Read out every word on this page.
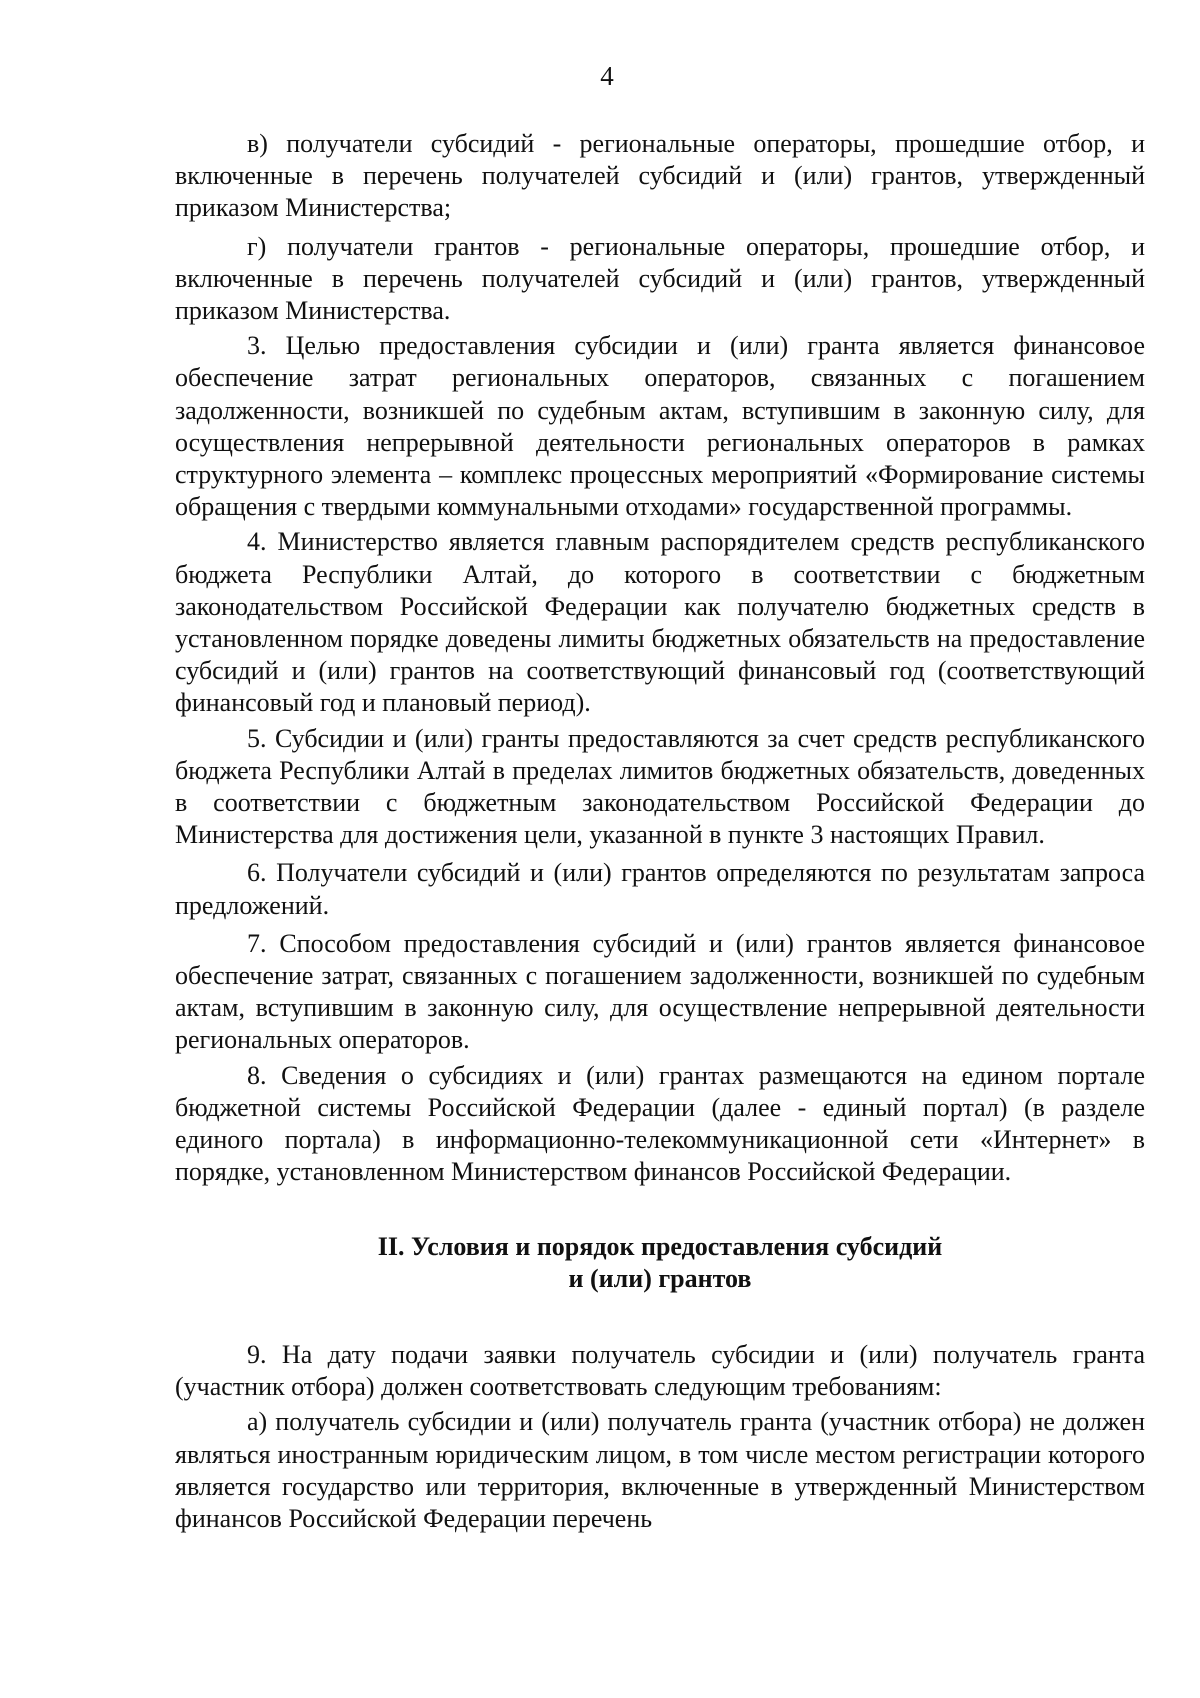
4

в) получатели субсидий - региональные операторы, прошедшие отбор, и включенные в перечень получателей субсидий и (или) грантов, утвержденный приказом Министерства;

г) получатели грантов - региональные операторы, прошедшие отбор, и включенные в перечень получателей субсидий и (или) грантов, утвержденный приказом Министерства.

3. Целью предоставления субсидии и (или) гранта является финансовое обеспечение затрат региональных операторов, связанных с погашением задолженности, возникшей по судебным актам, вступившим в законную силу, для осуществления непрерывной деятельности региональных операторов в рамках структурного элемента – комплекс процессных мероприятий «Формирование системы обращения с твердыми коммунальными отходами» государственной программы.

4. Министерство является главным распорядителем средств республиканского бюджета Республики Алтай, до которого в соответствии с бюджетным законодательством Российской Федерации как получателю бюджетных средств в установленном порядке доведены лимиты бюджетных обязательств на предоставление субсидий и (или) грантов на соответствующий финансовый год (соответствующий финансовый год и плановый период).

5. Субсидии и (или) гранты предоставляются за счет средств республиканского бюджета Республики Алтай в пределах лимитов бюджетных обязательств, доведенных в соответствии с бюджетным законодательством Российской Федерации до Министерства для достижения цели, указанной в пункте 3 настоящих Правил.

6. Получатели субсидий и (или) грантов определяются по результатам запроса предложений.

7. Способом предоставления субсидий и (или) грантов является финансовое обеспечение затрат, связанных с погашением задолженности, возникшей по судебным актам, вступившим в законную силу, для осуществление непрерывной деятельности региональных операторов.

8. Сведения о субсидиях и (или) грантах размещаются на едином портале бюджетной системы Российской Федерации (далее - единый портал) (в разделе единого портала) в информационно-телекоммуникационной сети «Интернет» в порядке, установленном Министерством финансов Российской Федерации.

II. Условия и порядок предоставления субсидий
и (или) грантов

9. На дату подачи заявки получатель субсидии и (или) получатель гранта (участник отбора) должен соответствовать следующим требованиям:

а) получатель субсидии и (или) получатель гранта (участник отбора) не должен являться иностранным юридическим лицом, в том числе местом регистрации которого является государство или территория, включенные в утвержденный Министерством финансов Российской Федерации перечень
